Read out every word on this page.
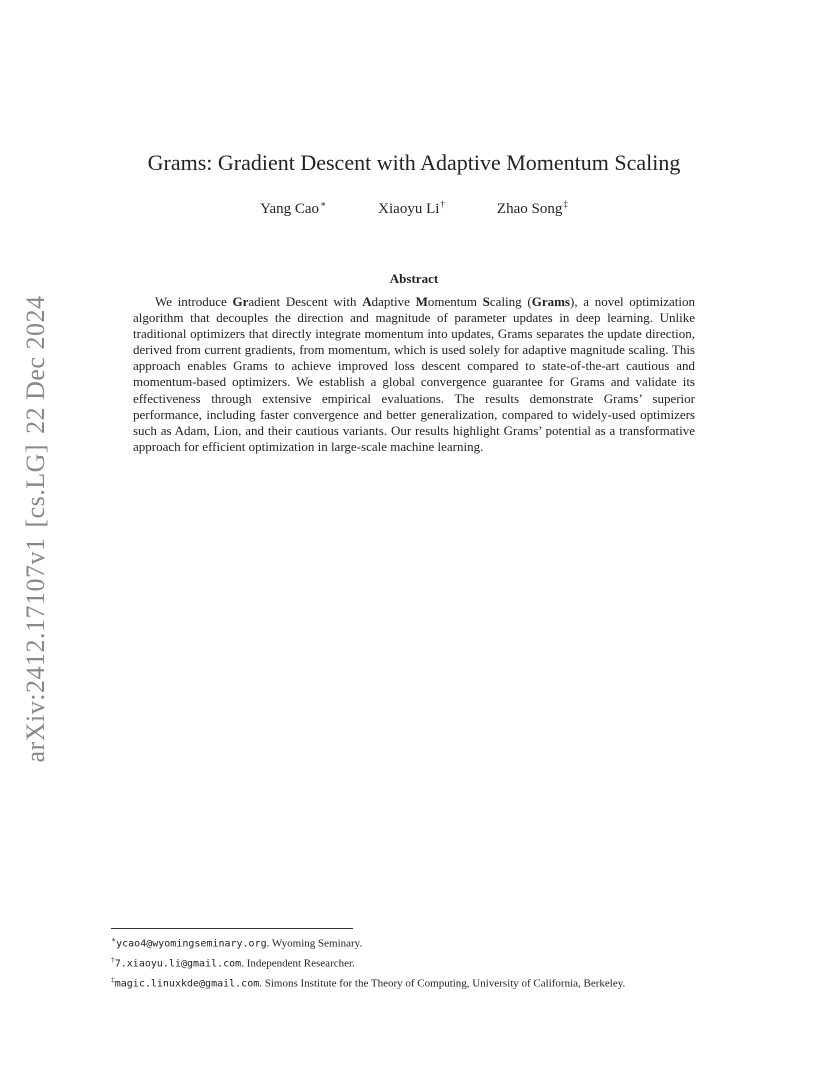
arXiv:2412.17107v1[cs.LG]22 Dec 2024
Grams: Gradient Descent with Adaptive Momentum Scaling
Yang Cao∗	Xiaoyu Li†	Zhao Song‡
Abstract

We introduce Gradient Descent with Adaptive Momentum Scaling (Grams), a novel optimization algorithm that decouples the direction and magnitude of parameter updates in deep learning. Unlike traditional optimizers that directly integrate momentum into updates, Grams separates the update direction, derived from current gradients, from momentum, which is used solely for adaptive magnitude scaling. This approach enables Grams to achieve improved loss descent compared to state-of-the-art cautious and momentum-based optimizers. We establish a global convergence guarantee for Grams and validate its effectiveness through extensive empirical evaluations. The results demonstrate Grams’ superior performance, including faster convergence and better generalization, compared to widely-used optimizers such as Adam, Lion, and their cautious variants. Our results highlight Grams’ potential as a transformative approach for efficient optimization in large-scale machine learning.

∗ycao4@wyomingseminary.org. Wyoming Seminary.
†7.xiaoyu.li@gmail.com. Independent Researcher.
‡magic.linuxkde@gmail.com. Simons Institute for the Theory of Computing, University of California, Berkeley.
